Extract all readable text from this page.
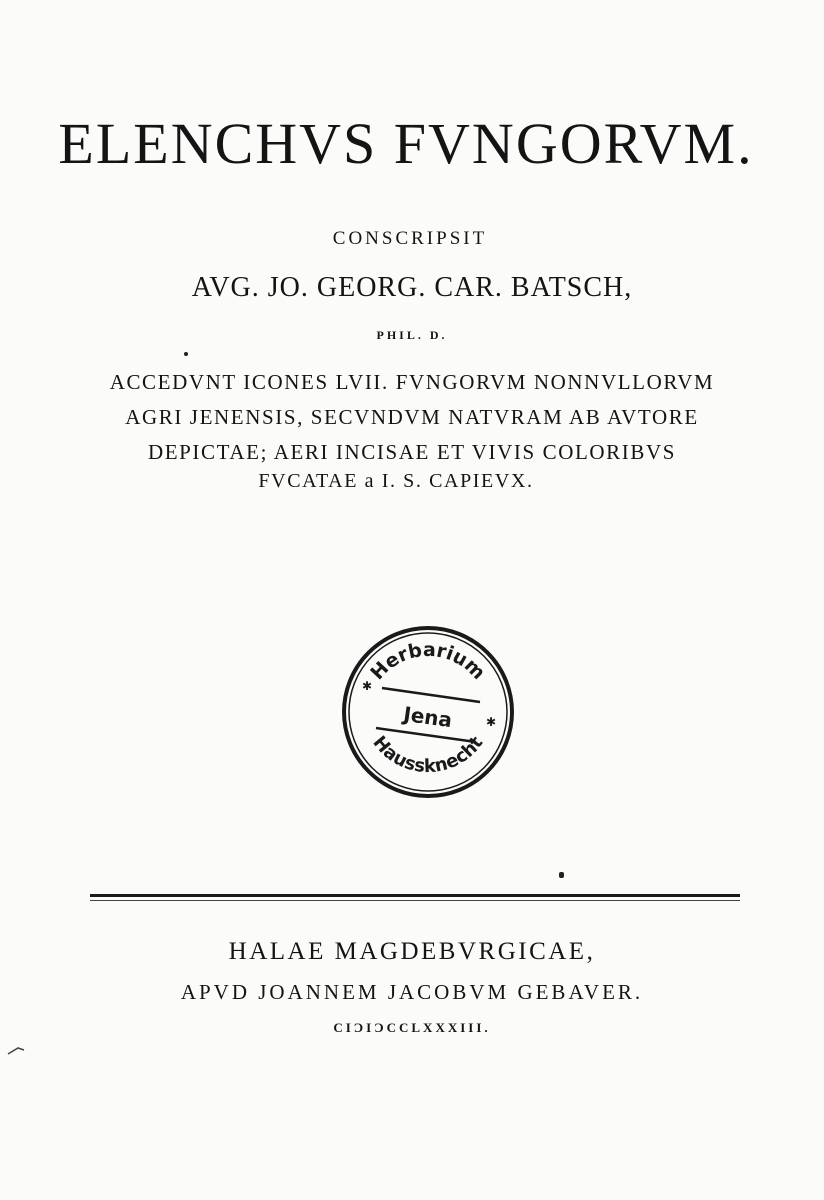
ELENCHVS FVNGORVM.
CONSCRIPSIT
AVG. JO. GEORG. CAR. BATSCH,
PHIL. D.
ACCEDVNT ICONES LVII. FVNGORVM NONNVLLORVM
AGRI JENENSIS, SECVNDVM NATVRAM AB AVTORE
DEPICTAE; AERI INCISAE ET VIVIS COLORIBVS
FVCATAE a I. S. CAPIEVX.
Herbarium
Jena
Haussknecht
✱
✱
HALAE MAGDEBVRGICAE,
APVD JOANNEM JACOBVM GEBAVER.
CIƆIƆCCLXXXIII.
